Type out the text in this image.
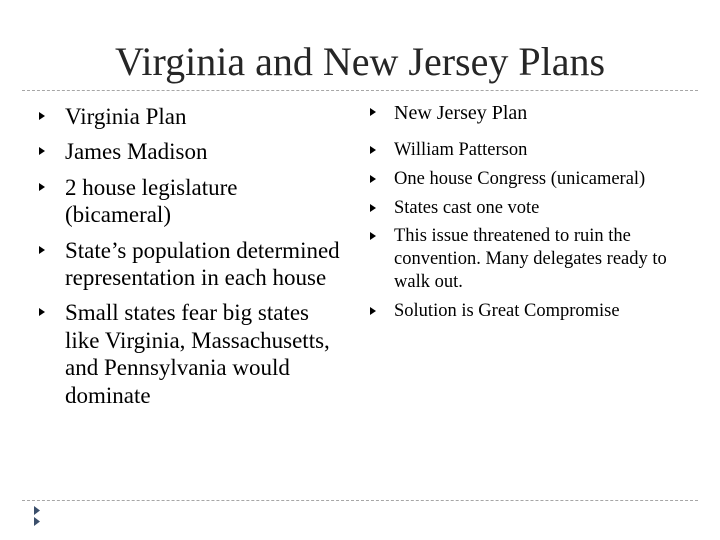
Virginia and New Jersey Plans
Virginia Plan
James Madison
2 house legislature (bicameral)
State’s population determined representation in each house
Small states fear big states like Virginia, Massachusetts, and Pennsylvania would dominate
New Jersey Plan
William Patterson
One house Congress (unicameral)
States cast one vote
This issue threatened to ruin the convention. Many delegates ready to walk out.
Solution is Great Compromise
